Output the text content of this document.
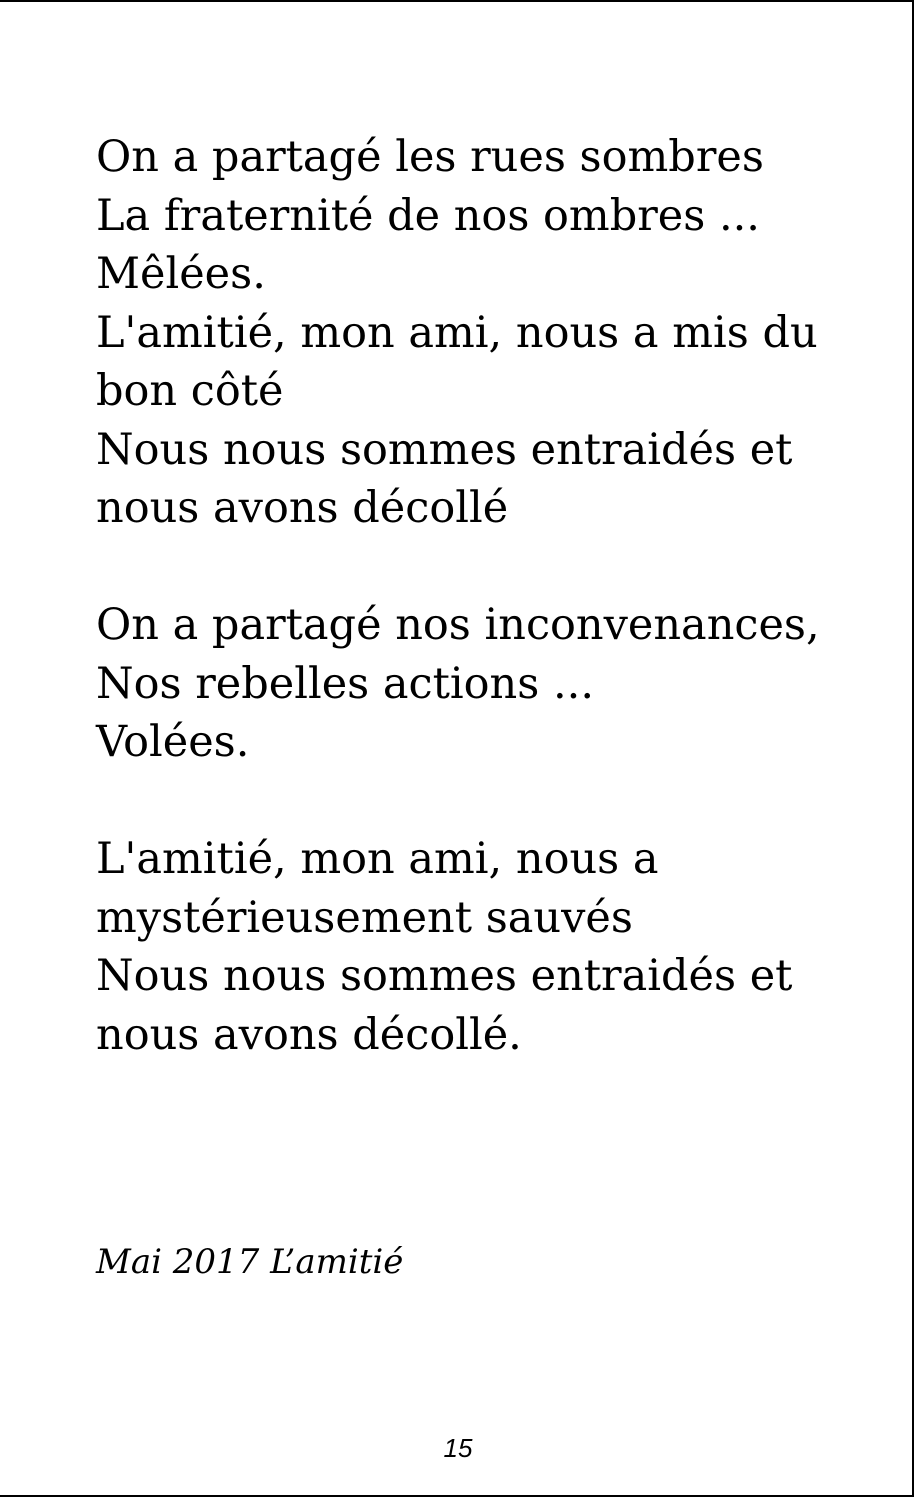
On a partagé les rues sombres
La fraternité de nos ombres ...
Mêlées.
L'amitié, mon ami, nous a mis du
bon côté
Nous nous sommes entraidés et
nous avons décollé
On a partagé nos inconvenances,
Nos rebelles actions ...
Volées.
L'amitié, mon ami, nous a
mystérieusement sauvés
Nous nous sommes entraidés et
nous avons décollé.
Mai 2017 L’amitié
15
